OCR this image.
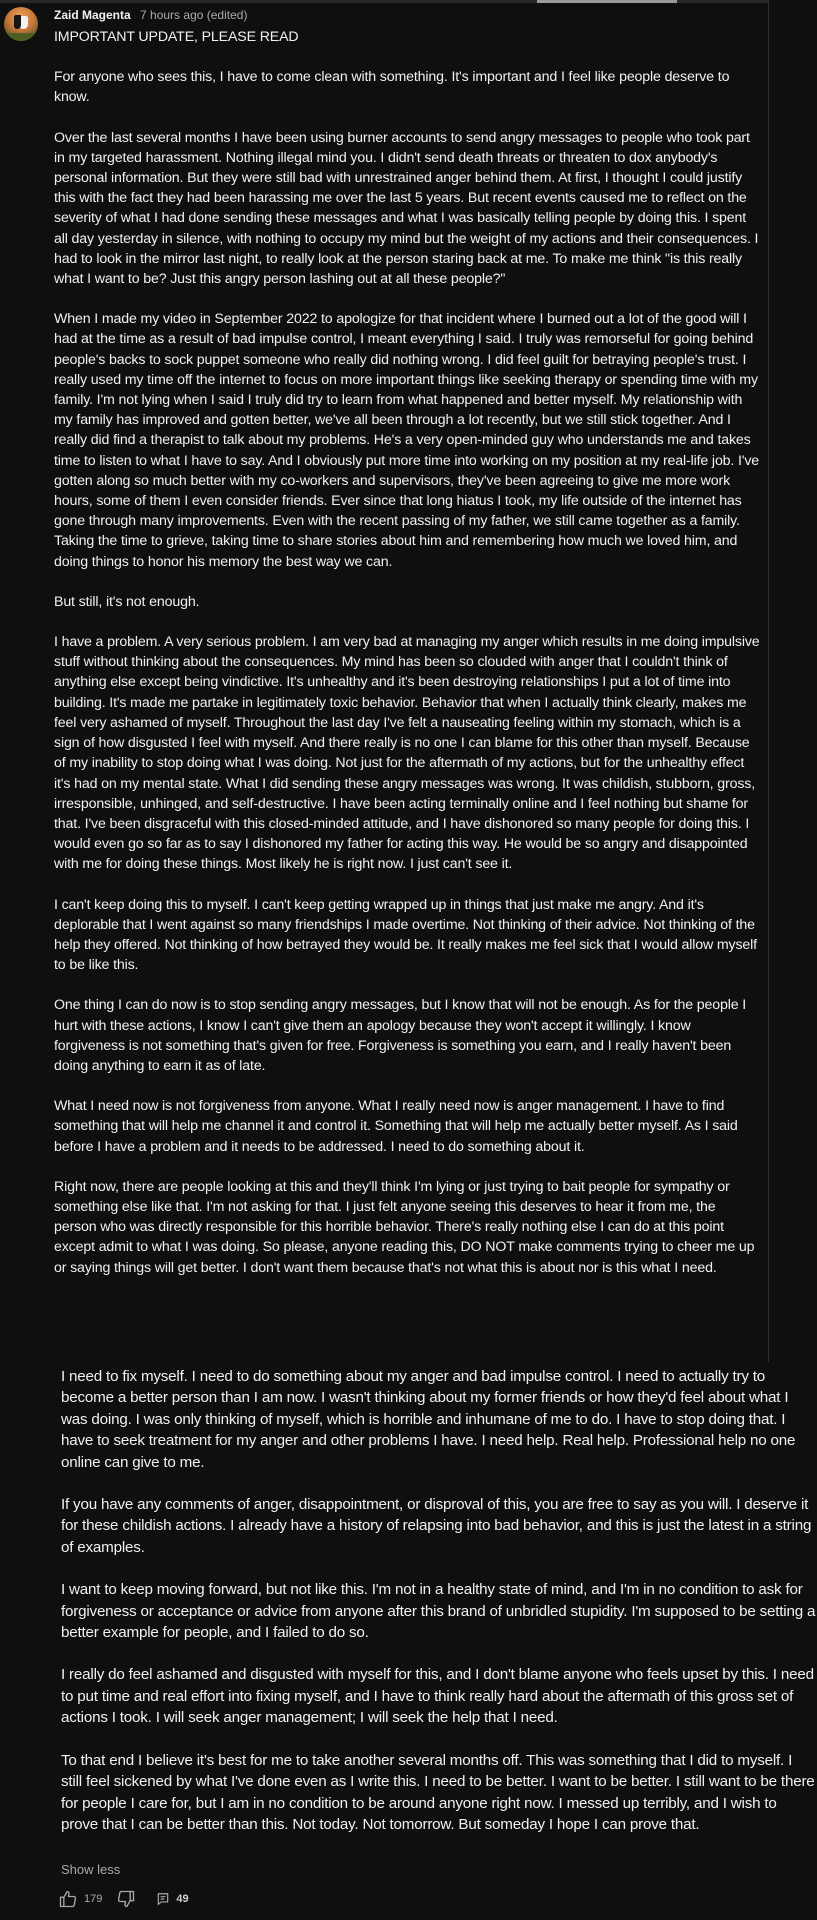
Zaid Magenta 7 hours ago (edited)

IMPORTANT UPDATE, PLEASE READ

For anyone who sees this, I have to come clean with something. It's important and I feel like people deserve to know.

Over the last several months I have been using burner accounts to send angry messages to people who took part in my targeted harassment. Nothing illegal mind you. I didn't send death threats or threaten to dox anybody's personal information. But they were still bad with unrestrained anger behind them. At first, I thought I could justify this with the fact they had been harassing me over the last 5 years. But recent events caused me to reflect on the severity of what I had done sending these messages and what I was basically telling people by doing this. I spent all day yesterday in silence, with nothing to occupy my mind but the weight of my actions and their consequences. I had to look in the mirror last night, to really look at the person staring back at me. To make me think "is this really what I want to be? Just this angry person lashing out at all these people?"

When I made my video in September 2022 to apologize for that incident where I burned out a lot of the good will I had at the time as a result of bad impulse control, I meant everything I said. I truly was remorseful for going behind people's backs to sock puppet someone who really did nothing wrong. I did feel guilt for betraying people's trust. I really used my time off the internet to focus on more important things like seeking therapy or spending time with my family. I'm not lying when I said I truly did try to learn from what happened and better myself. My relationship with my family has improved and gotten better, we've all been through a lot recently, but we still stick together. And I really did find a therapist to talk about my problems. He's a very open-minded guy who understands me and takes time to listen to what I have to say. And I obviously put more time into working on my position at my real-life job. I've gotten along so much better with my co-workers and supervisors, they've been agreeing to give me more work hours, some of them I even consider friends. Ever since that long hiatus I took, my life outside of the internet has gone through many improvements. Even with the recent passing of my father, we still came together as a family. Taking the time to grieve, taking time to share stories about him and remembering how much we loved him, and doing things to honor his memory the best way we can.

But still, it's not enough.

I have a problem. A very serious problem. I am very bad at managing my anger which results in me doing impulsive stuff without thinking about the consequences. My mind has been so clouded with anger that I couldn't think of anything else except being vindictive. It's unhealthy and it's been destroying relationships I put a lot of time into building. It's made me partake in legitimately toxic behavior. Behavior that when I actually think clearly, makes me feel very ashamed of myself. Throughout the last day I've felt a nauseating feeling within my stomach, which is a sign of how disgusted I feel with myself. And there really is no one I can blame for this other than myself. Because of my inability to stop doing what I was doing. Not just for the aftermath of my actions, but for the unhealthy effect it's had on my mental state. What I did sending these angry messages was wrong. It was childish, stubborn, gross, irresponsible, unhinged, and self-destructive. I have been acting terminally online and I feel nothing but shame for that. I've been disgraceful with this closed-minded attitude, and I have dishonored so many people for doing this. I would even go so far as to say I dishonored my father for acting this way. He would be so angry and disappointed with me for doing these things. Most likely he is right now. I just can't see it.

I can't keep doing this to myself. I can't keep getting wrapped up in things that just make me angry. And it's deplorable that I went against so many friendships I made overtime. Not thinking of their advice. Not thinking of the help they offered. Not thinking of how betrayed they would be. It really makes me feel sick that I would allow myself to be like this.

One thing I can do now is to stop sending angry messages, but I know that will not be enough. As for the people I hurt with these actions, I know I can't give them an apology because they won't accept it willingly. I know forgiveness is not something that's given for free. Forgiveness is something you earn, and I really haven't been doing anything to earn it as of late.

What I need now is not forgiveness from anyone. What I really need now is anger management. I have to find something that will help me channel it and control it. Something that will help me actually better myself. As I said before I have a problem and it needs to be addressed. I need to do something about it.

Right now, there are people looking at this and they'll think I'm lying or just trying to bait people for sympathy or something else like that. I'm not asking for that. I just felt anyone seeing this deserves to hear it from me, the person who was directly responsible for this horrible behavior. There's really nothing else I can do at this point except admit to what I was doing. So please, anyone reading this, DO NOT make comments trying to cheer me up or saying things will get better. I don't want them because that's not what this is about nor is this what I need.

I need to fix myself. I need to do something about my anger and bad impulse control. I need to actually try to become a better person than I am now. I wasn't thinking about my former friends or how they'd feel about what I was doing. I was only thinking of myself, which is horrible and inhumane of me to do. I have to stop doing that. I have to seek treatment for my anger and other problems I have. I need help. Real help. Professional help no one online can give to me.

If you have any comments of anger, disappointment, or disproval of this, you are free to say as you will. I deserve it for these childish actions. I already have a history of relapsing into bad behavior, and this is just the latest in a string of examples.

I want to keep moving forward, but not like this. I'm not in a healthy state of mind, and I'm in no condition to ask for forgiveness or acceptance or advice from anyone after this brand of unbridled stupidity. I'm supposed to be setting a better example for people, and I failed to do so.

I really do feel ashamed and disgusted with myself for this, and I don't blame anyone who feels upset by this. I need to put time and real effort into fixing myself, and I have to think really hard about the aftermath of this gross set of actions I took. I will seek anger management; I will seek the help that I need.

To that end I believe it's best for me to take another several months off. This was something that I did to myself. I still feel sickened by what I've done even as I write this. I need to be better. I want to be better. I still want to be there for people I care for, but I am in no condition to be around anyone right now. I messed up terribly, and I wish to prove that I can be better than this. Not today. Not tomorrow. But someday I hope I can prove that.

Show less
179	49
